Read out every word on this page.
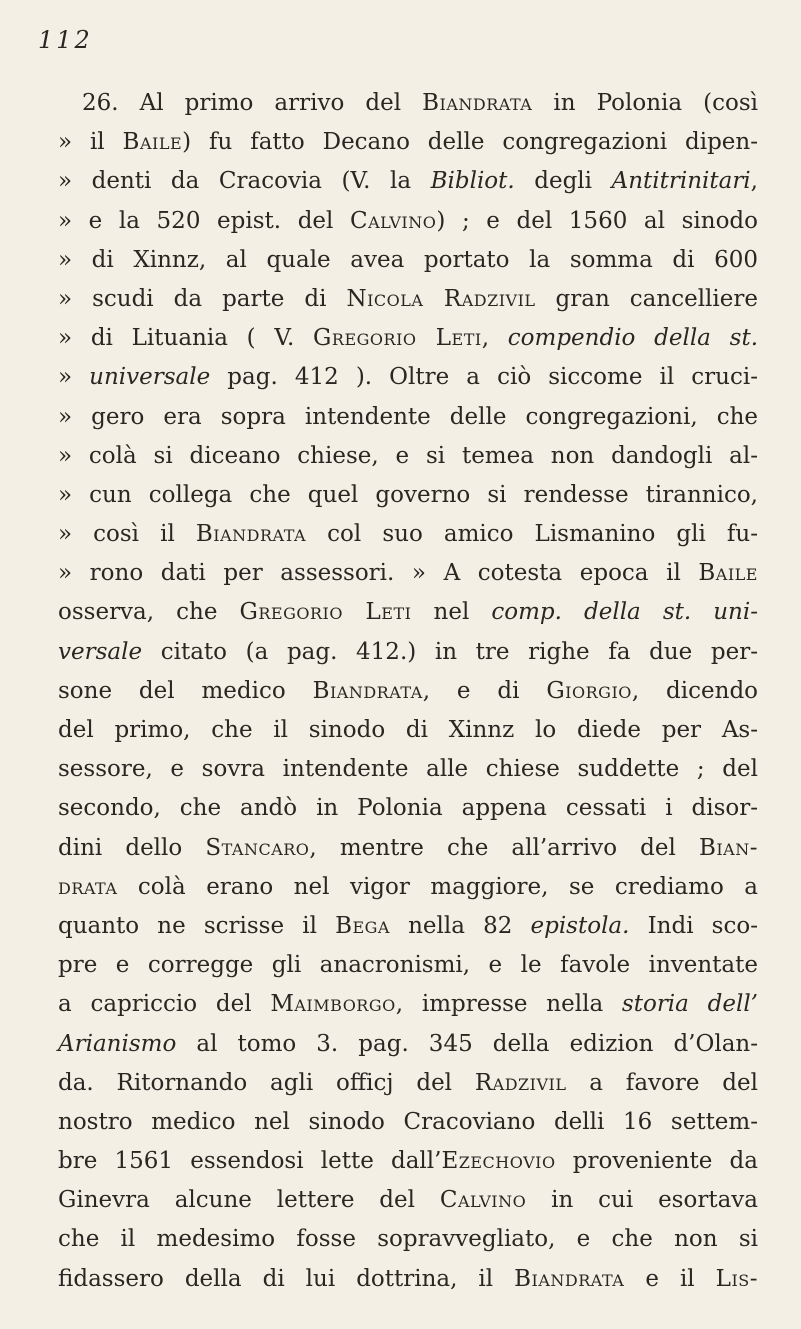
112
26. Al primo arrivo del Biandrata in Polonia (così
» il Baile) fu fatto Decano delle congregazioni dipen-
» denti da Cracovia (V. la Bibliot. degli Antitrinitari,
» e la 520 epist. del Calvino) ; e del 1560 al sinodo
» di Xinnz, al quale avea portato la somma di 600
» scudi da parte di Nicola Radzivil gran cancelliere
» di Lituania ( V. Gregorio Leti, compendio della st.
» universale pag. 412 ). Oltre a ciò siccome il cruci-
» gero era sopra intendente delle congregazioni, che
» colà si diceano chiese, e si temea non dandogli al-
» cun collega che quel governo si rendesse tirannico,
» così il Biandrata col suo amico Lismanino gli fu-
» rono dati per assessori. » A cotesta epoca il Baile
osserva, che Gregorio Leti nel comp. della st. uni-
versale citato (a pag. 412.) in tre righe fa due per-
sone del medico Biandrata, e di Giorgio, dicendo
del primo, che il sinodo di Xinnz lo diede per As-
sessore, e sovra intendente alle chiese suddette ; del
secondo, che andò in Polonia appena cessati i disor-
dini dello Stancaro, mentre che all’arrivo del Bian-
drata colà erano nel vigor maggiore, se crediamo a
quanto ne scrisse il Bega nella 82 epistola. Indi sco-
pre e corregge gli anacronismi, e le favole inventate
a capriccio del Maimborgo, impresse nella storia dell’
Arianismo al tomo 3. pag. 345 della edizion d’Olan-
da. Ritornando agli officj del Radzivil a favore del
nostro medico nel sinodo Cracoviano delli 16 settem-
bre 1561 essendosi lette dall’Ezechovio proveniente da
Ginevra alcune lettere del Calvino in cui esortava
che il medesimo fosse sopravvegliato, e che non si
fidassero della di lui dottrina, il Biandrata e il Lis-
